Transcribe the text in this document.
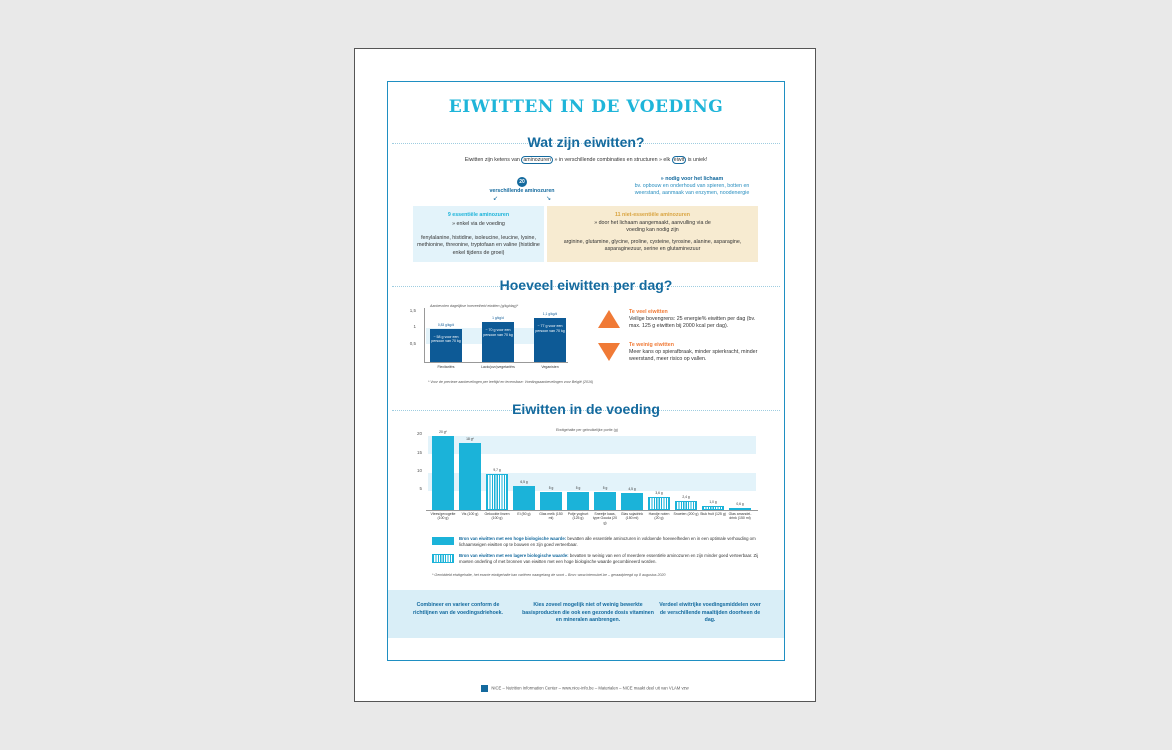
EIWITTEN IN DE VOEDING
Wat zijn eiwitten?
Eiwitten zijn ketens van aminozuren » in verschillende combinaties en structuren » elk eiwit is uniek!
20
verschillende aminozuren
↙	↘
» nodig voor het lichaam
bv. opbouw en onderhoud van spieren, botten en weerstand, aanmaak van enzymen, noodenergie
9 essentiële aminozuren
» enkel via de voeding
fenylalanine, histidine, isoleucine, leucine, lysine, methionine, threonine, tryptofaan en valine (histidine enkel tijdens de groei)
11 niet-essentiële aminozuren
» door het lichaam aangemaakt, aanvulling via de voeding kan nodig zijn
arginine, glutamine, glycine, proline, cysteine, tyrosine, alanine, asparagine, asparaginezuur, serine en glutaminezuur
Hoeveel eiwitten per dag?
Aanbevolen dagelijkse hoeveelheid eiwitten (g/kg/dag)*
1,5
1
0,5
~ 58 g voor een persoon van 70 kg
0,83 g/kg/d
Flexitariërs
~ 70 g voor een persoon van 70 kg
1 g/kg/d
Lacto(ovo)vegetariërs
~ 77 g voor een persoon van 70 kg
1,1 g/kg/d
Veganisten
* Voor de precieze aanbevelingen per leeftijd en levensfase: Voedingsaanbevelingen voor België (2016)
Te veel eiwitten
Veilige bovengrens: 25 energie% eiwitten per dag (bv. max. 125 g eiwitten bij 2000 kcal per dag).
Te weinig eiwitten
Meer kans op spierafbraak, minder spierkracht, minder weerstand, meer risico op vallen.
Eiwitten in de voeding
Eiwitgehalte per gebruikelijke portie (g)
20
15
10
5
20 g*
Vlees/gevogelte (100 g)
18 g*
Vis (100 g)
9,7 g
Gekookte linzen (100 g)
6,5 g
Ei (50 g)
5 g
Glas melk (150 ml)
5 g
Potje yoghurt (125 g)
5 g
Sneetje kaas, type Gouda (20 g)
4,5 g
Glas sojadrink (150 ml)
3,6 g
Handje noten (20 g)
2,4 g
Snoeten (200 g)
1,0 g
Stuk fruit (125 g)
0,6 g
Glas amandel-drink (150 ml)
Bron van eiwitten met een hoge biologische waarde: bevatten alle essentiële aminozuren in voldoende hoeveelheden en in een optimale verhouding om lichaamseigen eiwitten op te bouwen en zijn goed verteerbaar.
Bron van eiwitten met een lagere biologische waarde: bevatten te weinig van een of meerdere essentiële aminozuren en zijn minder goed verteerbaar. Zij moeten onderling of met bronnen van eiwitten met een hoge biologische waarde gecombineerd worden.
* Gemiddeld eiwitgehalte, het exacte eiwitgehalte kan variëren naargelang de soort – Bron: www.internubel.be – geraadpleegd op 8 augustus 2020
Combineer en varieer conform de richtlijnen van de voedingsdriehoek.
Kies zoveel mogelijk niet of weinig bewerkte basisproducten die ook een gezonde dosis vitaminen en mineralen aanbrengen.
Verdeel eiwitrijke voedingsmiddelen over de verschillende maaltijden doorheen de dag.
NICE – Nutrition Information Center – www.nice-info.be – Materialen – NICE maakt deel uit van VLAM vzw
